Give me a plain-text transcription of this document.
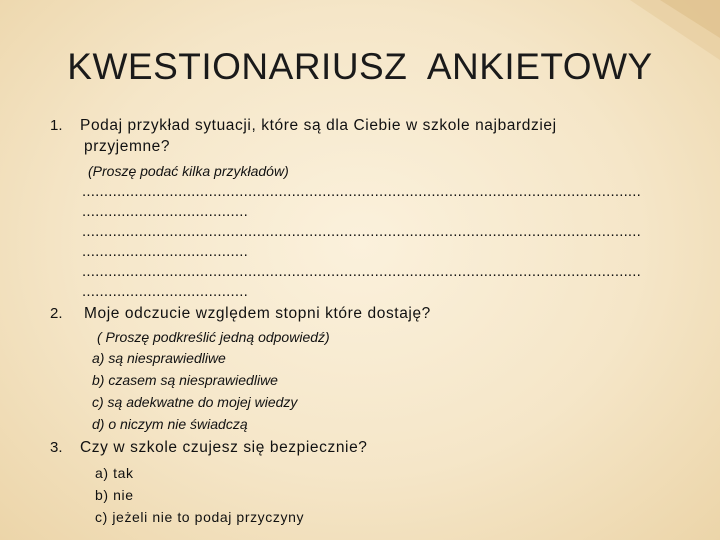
KWESTIONARIUSZ  ANKIETOWY
1. Podaj przykład sytuacji, które są dla Ciebie w szkole najbardziej
przyjemne?
(Proszę podać kilka przykładów)
................................................................................................................................
......................................
................................................................................................................................
......................................
................................................................................................................................
......................................
2. Moje odczucie względem stopni które dostaję?
( Proszę podkreślić jedną odpowiedź)
a) są niesprawiedliwe
b) czasem są niesprawiedliwe
c) są adekwatne do mojej wiedzy
d) o niczym nie świadczą
3. Czy w szkole czujesz się bezpiecznie?
a) tak
b) nie
c) jeżeli nie to podaj przyczyny
